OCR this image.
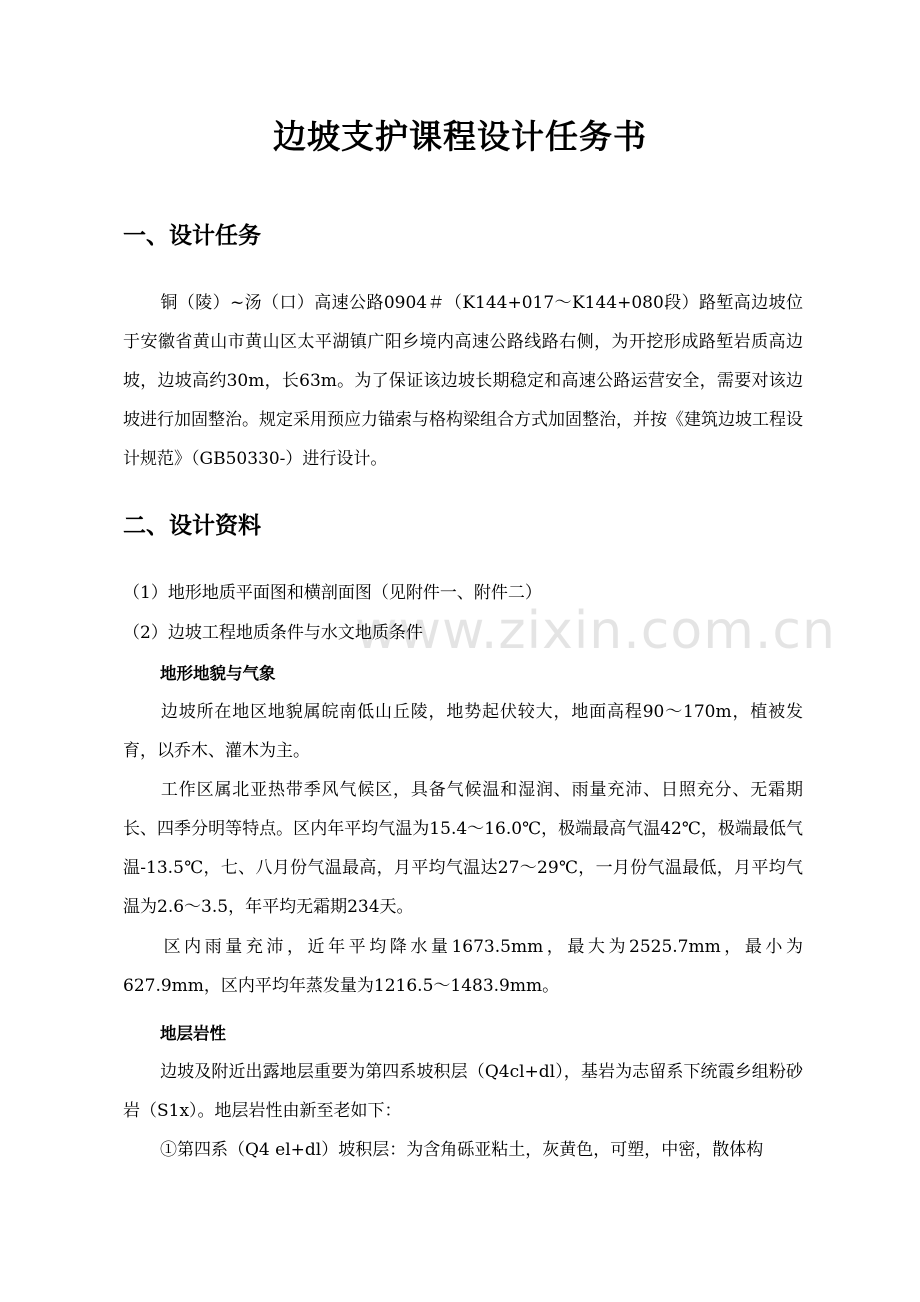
www.zixin.com.cn
边坡支护课程设计任务书
一、设计任务

铜（陵）~汤（口）高速公路0904＃（K144+017～K144+080段）路堑高边坡位于安徽省黄山市黄山区太平湖镇广阳乡境内高速公路线路右侧，为开挖形成路堑岩质高边坡，边坡高约30m，长63m。为了保证该边坡长期稳定和高速公路运营安全，需要对该边坡进行加固整治。规定采用预应力锚索与格构梁组合方式加固整治，并按《建筑边坡工程设计规范》（GB50330-）进行设计。

二、设计资料

（1）地形地质平面图和横剖面图（见附件一、附件二）

（2）边坡工程地质条件与水文地质条件

地形地貌与气象

边坡所在地区地貌属皖南低山丘陵，地势起伏较大，地面高程90～170m，植被发育，以乔木、灌木为主。

工作区属北亚热带季风气候区，具备气候温和湿润、雨量充沛、日照充分、无霜期长、四季分明等特点。区内年平均气温为15.4～16.0℃，极端最高气温42℃，极端最低气温-13.5℃，七、八月份气温最高，月平均气温达27～29℃，一月份气温最低，月平均气温为2.6～3.5，年平均无霜期234天。

区内雨量充沛，近年平均降水量1673.5mm，最大为2525.7mm，最小为627.9mm，区内平均年蒸发量为1216.5～1483.9mm。

地层岩性

边坡及附近出露地层重要为第四系坡积层（Q4cl+dl），基岩为志留系下统霞乡组粉砂岩（S1x）。地层岩性由新至老如下：

①第四系（Q4 el+dl）坡积层：为含角砾亚粘土，灰黄色，可塑，中密，散体构
